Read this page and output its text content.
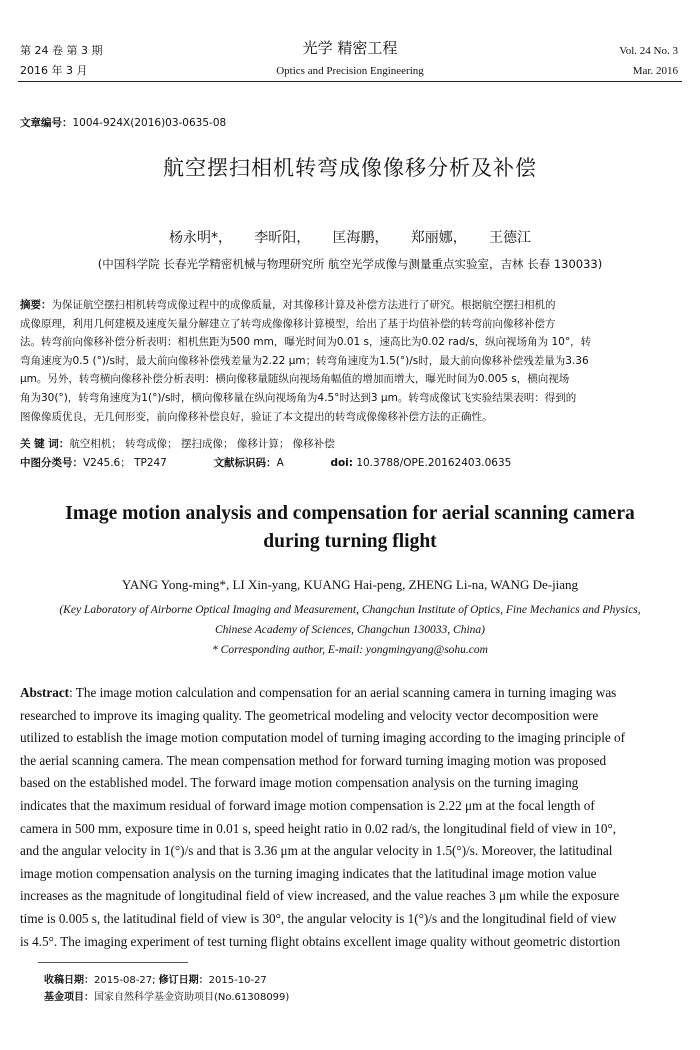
第 24 卷 第 3 期
2016 年 3 月
光学 精密工程
Optics and Precision Engineering
Vol. 24 No. 3
Mar. 2016
文章编号：1004-924X(2016)03-0635-08
航空摆扫相机转弯成像像移分析及补偿
杨永明*， 李昕阳， 匡海鹏， 郑丽娜， 王德江
(中国科学院 长春光学精密机械与物理研究所 航空光学成像与测量重点实验室，吉林 长春 130033)
摘要：为保证航空摆扫相机转弯成像过程中的成像质量，对其像移计算及补偿方法进行了研究。根据航空摆扫相机的
成像原理，利用几何建模及速度矢量分解建立了转弯成像像移计算模型，给出了基于均值补偿的转弯前向像移补偿方
法。转弯前向像移补偿分析表明：相机焦距为500 mm，曝光时间为0.01 s，速高比为0.02 rad/s，纵向视场角为 10°，转
弯角速度为0.5 (°)/s时，最大前向像移补偿残差量为2.22 μm；转弯角速度为1.5(°)/s时，最大前向像移补偿残差量为3.36
μm。另外，转弯横向像移补偿分析表明：横向像移量随纵向视场角幅值的增加而增大，曝光时间为0.005 s，横向视场
角为30(°)，转弯角速度为1(°)/s时，横向像移量在纵向视场角为4.5°时达到3 μm。转弯成像试飞实验结果表明：得到的
图像像质优良，无几何形变，前向像移补偿良好，验证了本文提出的转弯成像像移补偿方法的正确性。
关 键 词：航空相机； 转弯成像； 摆扫成像； 像移计算； 像移补偿
中图分类号：V245.6； TP247	文献标识码：A	doi: 10.3788/OPE.20162403.0635
Image motion analysis and compensation for aerial scanning camera
during turning flight
YANG Yong-ming*, LI Xin-yang, KUANG Hai-peng, ZHENG Li-na, WANG De-jiang
(Key Laboratory of Airborne Optical Imaging and Measurement, Changchun Institute of Optics, Fine Mechanics and Physics,
Chinese Academy of Sciences, Changchun 130033, China)
* Corresponding author, E-mail: yongmingyang@sohu.com
Abstract: The image motion calculation and compensation for an aerial scanning camera in turning imaging was
researched to improve its imaging quality. The geometrical modeling and velocity vector decomposition were
utilized to establish the image motion computation model of turning imaging according to the imaging principle of
the aerial scanning camera. The mean compensation method for forward turning imaging motion was proposed
based on the established model. The forward image motion compensation analysis on the turning imaging
indicates that the maximum residual of forward image motion compensation is 2.22 μm at the focal length of
camera in 500 mm, exposure time in 0.01 s, speed height ratio in 0.02 rad/s, the longitudinal field of view in 10°,
and the angular velocity in 1(°)/s and that is 3.36 μm at the angular velocity in 1.5(°)/s. Moreover, the latitudinal
image motion compensation analysis on the turning imaging indicates that the latitudinal image motion value
increases as the magnitude of longitudinal field of view increased, and the value reaches 3 μm while the exposure
time is 0.005 s, the latitudinal field of view is 30°, the angular velocity is 1(°)/s and the longitudinal field of view
is 4.5°. The imaging experiment of test turning flight obtains excellent image quality without geometric distortion
收稿日期：2015-08-27; 修订日期：2015-10-27
基金项目：国家自然科学基金资助项目(No.61308099)
